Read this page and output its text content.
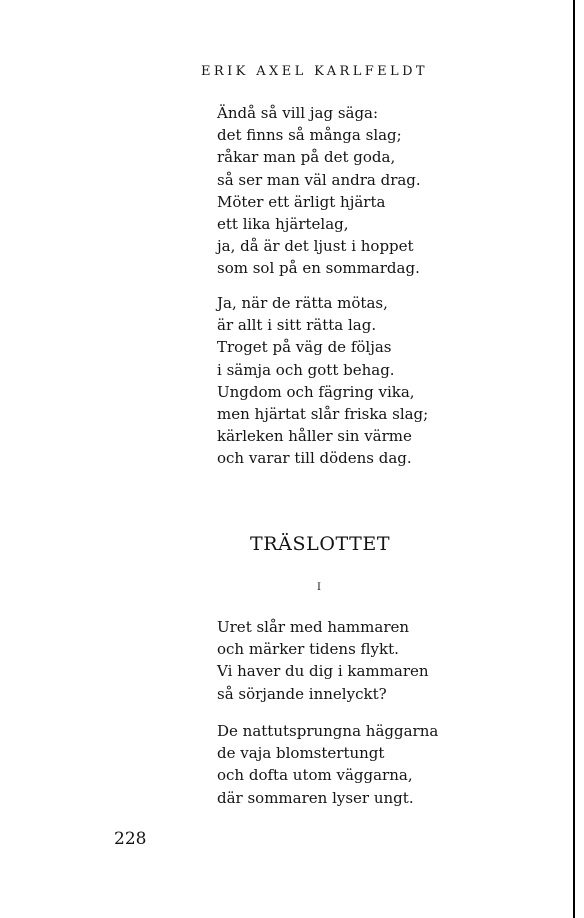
ERIK AXEL KARLFELDT
Ändå så vill jag säga:
det finns så många slag;
råkar man på det goda,
så ser man väl andra drag.
Möter ett ärligt hjärta
ett lika hjärtelag,
ja, då är det ljust i hoppet
som sol på en sommardag.
Ja, när de rätta mötas,
är allt i sitt rätta lag.
Troget på väg de följas
i sämja och gott behag.
Ungdom och fägring vika,
men hjärtat slår friska slag;
kärleken håller sin värme
och varar till dödens dag.
TRÄSLOTTET
I
Uret slår med hammaren
och märker tidens flykt.
Vi haver du dig i kammaren
så sörjande innelyckt?
De nattutsprungna häggarna
de vaja blomstertungt
och dofta utom väggarna,
där sommaren lyser ungt.
228
